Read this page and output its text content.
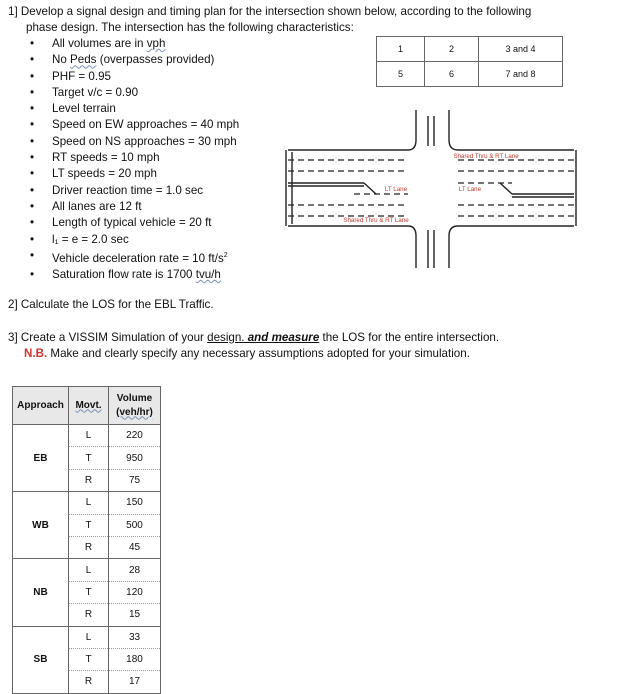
1] Develop a signal design and timing plan for the intersection shown below, according to the following

phase design. The intersection has the following characteristics:
• All volumes are in vph
• No Peds (overpasses provided)
• PHF = 0.95
• Target v/c = 0.90
• Level terrain
• Speed on EW approaches = 40 mph
• Speed on NS approaches = 30 mph
• RT speeds = 10 mph
• LT speeds = 20 mph
• Driver reaction time = 1.0 sec
• All lanes are 12 ft
• Length of typical vehicle = 20 ft
• l₁ = e = 2.0 sec
• Vehicle deceleration rate = 10 $ft/s^2$
• Saturation flow rate is 1700 tvu/h
1	2	3 and 4
5	6	7 and 8
Shared Thru & RT Lane
LT Lane	LT Lane
Shared Thru & RT Lane
2] Calculate the LOS for the EBL Traffic.
3] Create a VISSIM Simulation of your design. and measure the LOS for the entire intersection.
N.B. Make and clearly specify any necessary assumptions adopted for your simulation.
Approach	Movt.	Volume
(veh/hr)
EB	L	220
	T	950
	R	75
WB	L	150
	T	500
	R	45
NB	L	28
	T	120
	R	15
SB	L	33
	T	180
	R	17
